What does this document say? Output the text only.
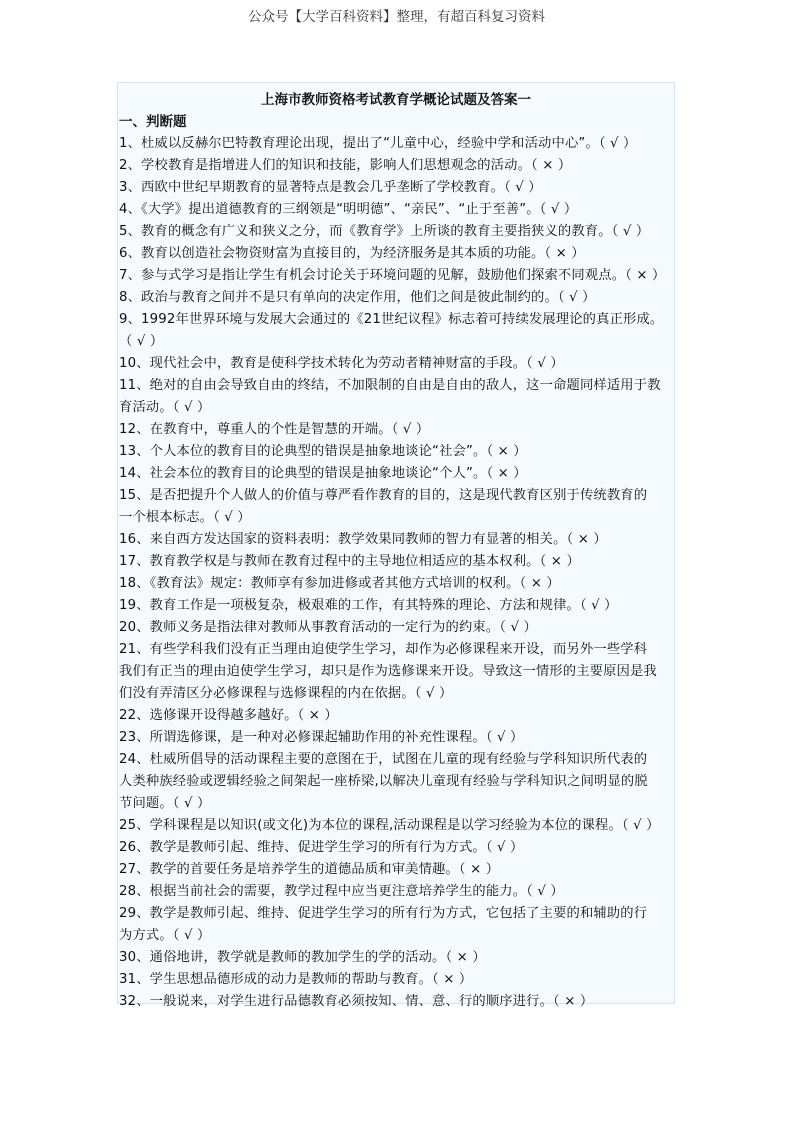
公众号【大学百科资料】整理，有超百科复习资料
上海市教师资格考试教育学概论试题及答案一
一、判断题
1、杜威以反赫尔巴特教育理论出现，提出了“儿童中心，经验中学和活动中心”。（ √ ）
2、学校教育是指增进人们的知识和技能，影响人们思想观念的活动。（ × ）
3、西欧中世纪早期教育的显著特点是教会几乎垄断了学校教育。（ √ ）
4、《大学》提出道德教育的三纲领是“明明德”、“亲民”、“止于至善”。（ √ ）
5、教育的概念有广义和狭义之分，而《教育学》上所谈的教育主要指狭义的教育。（ √ ）
6、教育以创造社会物资财富为直接目的，为经济服务是其本质的功能。（ × ）
7、参与式学习是指让学生有机会讨论关于环境问题的见解，鼓励他们探索不同观点。（ × ）
8、政治与教育之间并不是只有单向的决定作用，他们之间是彼此制约的。（ √ ）
9、1992年世界环境与发展大会通过的《21世纪议程》标志着可持续发展理论的真正形成。
（ √ ）
10、现代社会中，教育是使科学技术转化为劳动者精神财富的手段。（ √ ）
11、绝对的自由会导致自由的终结，不加限制的自由是自由的敌人，这一命题同样适用于教
育活动。（ √ ）
12、在教育中，尊重人的个性是智慧的开端。（ √ ）
13、个人本位的教育目的论典型的错误是抽象地谈论“社会”。（ × ）
14、社会本位的教育目的论典型的错误是抽象地谈论“个人”。（ × ）
15、是否把提升个人做人的价值与尊严看作教育的目的，这是现代教育区别于传统教育的
一个根本标志。（ √ ）
16、来自西方发达国家的资料表明：教学效果同教师的智力有显著的相关。（ × ）
17、教育教学权是与教师在教育过程中的主导地位相适应的基本权利。（ × ）
18、《教育法》规定：教师享有参加进修或者其他方式培训的权利。（ × ）
19、教育工作是一项极复杂，极艰难的工作，有其特殊的理论、方法和规律。（ √ ）
20、教师义务是指法律对教师从事教育活动的一定行为的约束。（ √ ）
21、有些学科我们没有正当理由迫使学生学习，却作为必修课程来开设，而另外一些学科
我们有正当的理由迫使学生学习，却只是作为选修课来开设。导致这一情形的主要原因是我
们没有弄清区分必修课程与选修课程的内在依据。（ √ ）
22、选修课开设得越多越好。（ × ）
23、所谓选修课，是一种对必修课起辅助作用的补充性课程。（ √ ）
24、杜威所倡导的活动课程主要的意图在于，试图在儿童的现有经验与学科知识所代表的
人类种族经验或逻辑经验之间架起一座桥梁,以解决儿童现有经验与学科知识之间明显的脱
节问题。（ √ ）
25、学科课程是以知识(或文化)为本位的课程,活动课程是以学习经验为本位的课程。（ √ ）
26、教学是教师引起、维持、促进学生学习的所有行为方式。（ √ ）
27、教学的首要任务是培养学生的道德品质和审美情趣。（ × ）
28、根据当前社会的需要，教学过程中应当更注意培养学生的能力。（ √ ）
29、教学是教师引起、维持、促进学生学习的所有行为方式，它包括了主要的和辅助的行
为方式。（ √ ）
30、通俗地讲，教学就是教师的教加学生的学的活动。（ × ）
31、学生思想品德形成的动力是教师的帮助与教育。（ × ）
32、一般说来，对学生进行品德教育必须按知、情、意、行的顺序进行。（ × ）
